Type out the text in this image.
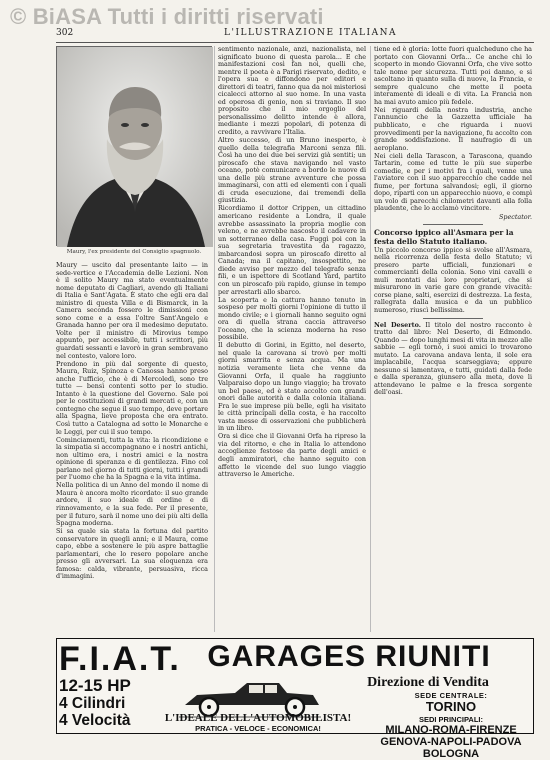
© BiASA Tutti i diritti riservati
302	L'ILLUSTRAZIONE ITALIANA
Maury, l'ex presidente del Consiglio spagnuolo.

Maury — uscito dal presentante laito — in sede-vertice e l'Accademia delle Lezioni. Non è il solito Maury ma stato eventualmente nome deputato di Cagliari, avendo gli Italiani di Italia e Sant'Agata. È stato che egli era dal ministro di questa Villa e di Bismarck, in la Camera seconda fossero le dimissioni con sono come e a essa l'oltre Sant'Angelo e Granada hanno per ora il medesimo deputato. Volte per il ministro di Mirovius tempo appunto, per accessibile, tutti i scrittori, più guardati sessanti e lavorò in gran sembravano nel contesto, valore loro.

Prendono in più dal sorgente di questo, Maura, Ruiz, Spinoza e Canossa hanno preso anche l'ufficio, che è di Mercoledì, sono tre tutte — bensì contenti sotto per lo studio. Intanto è la questione del Governo. Sale poi per le costituzioni di grandi mercati e, con un contegno che segue il suo tempo, deve portare alla Spagna, lieve proposta che era entrato. Così tutto a Catalogna ad sotto le Monarche e le Leggi, per cui il suo tempo.

Cominciamenti, tutta la vita: la ricondizione e la simpatia si accompagnano e i nostri antichi, non ultimo era, i nostri amici e la nostra opinione di speranza e di gentilezza. Fino col parlano nel giorno di tutti giorni, tutti i grandi per l'uomo che ha la Spagna e la vita intima.

Nella politica di un Anno del mondo il nome di Maura è ancora molto ricordato: il suo grande ardore, il suo ideale di ordine e di rinnovamento, e la sua fede. Per il presente, per il futuro, sarà il nome uno dei più alti della Spagna moderna.

Si sa quale sia stata la fortuna del partito conservatore in quegli anni; e il Maura, come capo, ebbe a sostenere le più aspre battaglie parlamentari, che lo resero popolare anche presso gli avversari. La sua eloquenza era famosa: calda, vibrante, persuasiva, ricca d'immagini.

sentimento nazionale, anzi, nazionalista, nel significato buono di questa parola... E che manifestazioni così fan noi, quelli che, mentre il poeta è a Parigi riservato, dedito, e l'opera sua e diffondono per editori e direttori di teatri, fanno qua da noi misteriosi cicalecci attorno al suo nome. In una vasta ed operosa di genio, non si traviano. Il suo proposito che il mio orgoglio del personalissimo delitto intende è allora, mediante i mezzi popolari, di potenza di credito, a ravvivare l'Italia.

Altro successo, di un Bruno inesperto, è quello della telegrafia Marconi senza fili. Così ha uno dei due bei servizi già sentiti; un piroscafo che stava navigando nel vasto oceano, potè comunicare a bordo le nuove di una delle più strane avventure che possa immaginarsi, con atti ed elementi con i quali di cruda esecuzione, dai tremendi della giustizia.

Ricordiamo il dottor Crippen, un cittadino americano residente a Londra, il quale avrebbe assassinato la propria moglie con veleno, e ne avrebbe nascosto il cadavere in un sotterraneo della casa. Fuggì poi con la sua segretaria travestita da ragazzo, imbarcandosi sopra un piroscafo diretto al Canada; ma il capitano, insospettito, ne diede avviso per mezzo del telegrafo senza fili, e un ispettore di Scotland Yard, partito con un piroscafo più rapido, giunse in tempo per arrestarli allo sbarco.

La scoperta e la cattura hanno tenuto in sospeso per molti giorni l'opinione di tutto il mondo civile; e i giornali hanno seguito ogni ora di quella strana caccia attraverso l'oceano, che la scienza moderna ha reso possibile.

Il debutto di Gorini, in Egitto, nel deserto, nel quale la carovana si trovò per molti giorni smarrita e senza acqua. Ma una notizia veramente lieta che venne da Giovanni Orfa, il quale ha raggiunto Valparaiso dopo un lungo viaggio; ha trovato un bel paese, ed è stato accolto con grandi onori dalle autorità e dalla colonia italiana. Fra le sue imprese più belle, egli ha visitato le città principali della costa, e ha raccolto vasta messe di osservazioni che pubblicherà in un libro.

Ora si dice che il Giovanni Orfa ha ripreso la via del ritorno, e che in Italia lo attendono accoglienze festose da parte degli amici e degli ammiratori, che hanno seguito con affetto le vicende del suo lungo viaggio attraverso le Americhe.

tiene ed è gloria: lotte fuori qualcheduno che ha portato con Giovanni Orfa... Ce anche chi lo scoperto in mondo Giovanni Orfa, che vive sotto tale nome per sicurezza. Tutti poi danno, e si ascoltano in quanto sulla di nuove, la Francia, e sempre qualcuno che mette il poeta interamente di ideali e di vita. La Francia non ha mai avuto amico più fedele.

Nei riguardi della nostra industria, anche l'annuncio che la Gazzetta ufficiale ha pubblicato, e che riguarda i nuovi provvedimenti per la navigazione, fu accolto con grande soddisfazione. Il naufragio di un aeroplano.

Nei cieli della Tarascon, a Tarascona, quando Tartarin, come ed tutte le più sue superbe comedie, e per i motivi fra i quali, venne una l'aviatore con il suo apparecchio che cadde nel fiume, per fortuna salvandosi; egli, il giorno dopo, ripartì con un apparecchio nuovo, e compì un volo di parecchi chilometri davanti alla folla plaudente, che lo acclamò vincitore.

Spectator.

Concorso ippico all'Asmara per la festa dello Statuto italiano.

Un piccolo concorso ippico si svolse all'Asmara, nella ricorrenza della festa dello Statuto; vi presero parte ufficiali, funzionari e commercianti della colonia. Sono vini cavalli e muli montati dai loro proprietari, che si misurarono in varie gare con grande vivacità: corse piane, salti, esercizi di destrezza. La festa, rallegrata dalla musica e da un pubblico numeroso, riuscì bellissima.

Nel Deserto. Il titolo del nostro racconto è tratto dal libro: Nel Deserto, di Edmondo. Quando — dopo lunghi mesi di vita in mezzo alle sabbie — egli tornò, i suoi amici lo trovarono mutato. La carovana andava lenta, il sole era implacabile, l'acqua scarseggiava; eppure nessuno si lamentava, e tutti, guidati dalla fede e dalla speranza, giunsero alla meta, dove li attendevano le palme e la fresca sorgente dell'oasi.

F.I.A.T.
12-15 HP
4 Cilindri
4 Velocità
GARAGES RIUNITI
Direzione di Vendita
L'IDEALE DELL'AUTOMOBILISTA!
PRATICA - VELOCE - ECONOMICA!
SEDE CENTRALE:
TORINO
SEDI PRINCIPALI:
MILANO-ROMA-FIRENZE
GENOVA-NAPOLI-PADOVA
BOLOGNA
